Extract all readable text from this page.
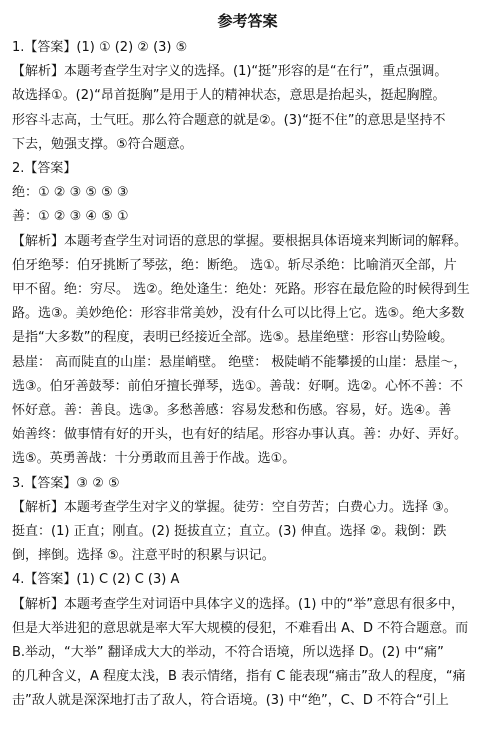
参考答案
1.【答案】(1) ① (2) ② (3) ⑤
【解析】本题考查学生对字义的选择。(1)“挺”形容的是“在行”，重点强调。
故选择①。(2)“昂首挺胸”是用于人的精神状态，意思是抬起头，挺起胸膛。
形容斗志高，士气旺。那么符合题意的就是②。(3)“挺不住”的意思是坚持不
下去，勉强支撑。⑤符合题意。
2.【答案】
绝：① ② ③ ⑤ ⑤ ③
善：① ② ③ ④ ⑤ ①
【解析】本题考查学生对词语的意思的掌握。要根据具体语境来判断词的解释。
伯牙绝琴：伯牙挑断了琴弦，绝：断绝。 选①。斩尽杀绝：比喻消灭全部，片
甲不留。绝：穷尽。 选②。绝处逢生：绝处：死路。形容在最危险的时候得到生
路。选③。美妙绝伦：形容非常美妙，没有什么可以比得上它。选⑤。绝大多数
是指“大多数”的程度，表明已经接近全部。选⑤。悬崖绝壁：形容山势险峻。
悬崖： 高而陡直的山崖：悬崖峭壁。 绝壁： 极陡峭不能攀援的山崖：悬崖～，
选③。伯牙善鼓琴：前伯牙擅长弹琴，选①。善哉：好啊。选②。心怀不善：不
怀好意。善：善良。选③。多愁善感：容易发愁和伤感。容易，好。选④。善
始善终：做事情有好的开头，也有好的结尾。形容办事认真。善：办好、弄好。
选⑤。英勇善战：十分勇敢而且善于作战。选①。
3.【答案】③ ② ⑤
【解析】本题考查学生对字义的掌握。徒劳：空自劳苦；白费心力。选择 ③。
挺直：(1) 正直；刚直。(2) 挺拔直立；直立。(3) 伸直。选择 ②。栽倒：跌
倒，摔倒。选择 ⑤。注意平时的积累与识记。
4.【答案】(1) C (2) C (3) A
【解析】本题考查学生对词语中具体字义的选择。(1) 中的“举”意思有很多中，
但是大举进犯的意思就是率大军大规模的侵犯，不难看出 A、D 不符合题意。而
B.举动，“大举” 翻译成大大的举动，不符合语境，所以选择 D。(2) 中“痛”
的几种含义，A 程度太浅，B 表示情绪，指有 C 能表现“痛击”敌人的程度，“痛
击”敌人就是深深地打击了敌人，符合语境。(3) 中“绝”，C、D 不符合“引上
